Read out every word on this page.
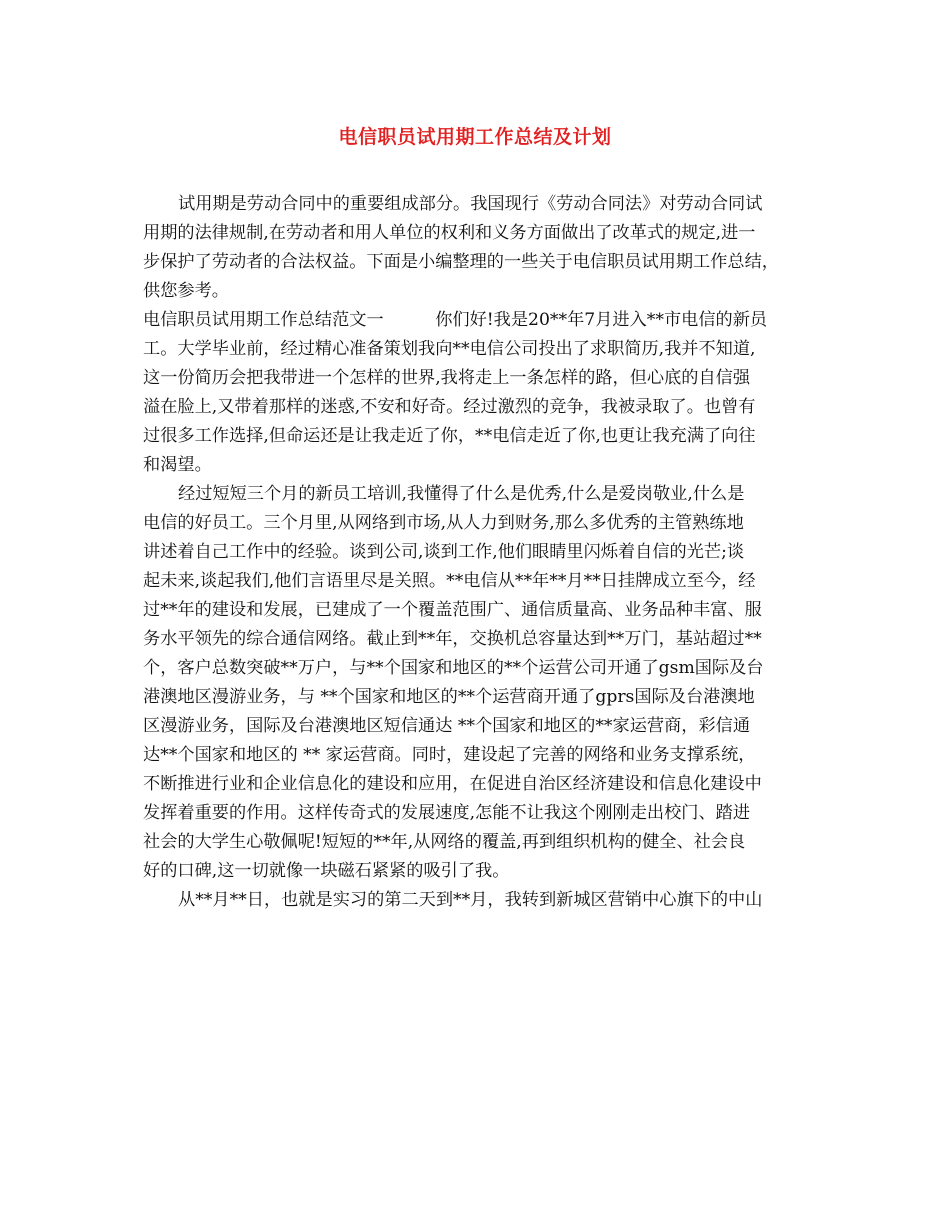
电信职员试用期工作总结及计划
试用期是劳动合同中的重要组成部分。我国现行《劳动合同法》对劳动合同试
用期的法律规制,在劳动者和用人单位的权利和义务方面做出了改革式的规定,进一
步保护了劳动者的合法权益。下面是小编整理的一些关于电信职员试用期工作总结，
供您参考。
电信职员试用期工作总结范文一　　　你们好!我是20**年7月进入**市电信的新员
工。大学毕业前，经过精心准备策划我向**电信公司投出了求职简历,我并不知道,
这一份简历会把我带进一个怎样的世界,我将走上一条怎样的路，但心底的自信强
溢在脸上,又带着那样的迷惑,不安和好奇。经过激烈的竞争，我被录取了。也曾有
过很多工作选择,但命运还是让我走近了你，**电信走近了你,也更让我充满了向往
和渴望。
经过短短三个月的新员工培训,我懂得了什么是优秀,什么是爱岗敬业,什么是
电信的好员工。三个月里,从网络到市场,从人力到财务,那么多优秀的主管熟练地
讲述着自己工作中的经验。谈到公司,谈到工作,他们眼睛里闪烁着自信的光芒;谈
起未来,谈起我们,他们言语里尽是关照。**电信从**年**月**日挂牌成立至今，经
过**年的建设和发展，已建成了一个覆盖范围广、通信质量高、业务品种丰富、服
务水平领先的综合通信网络。截止到**年，交换机总容量达到**万门，基站超过**
个，客户总数突破**万户，与**个国家和地区的**个运营公司开通了gsm国际及台
港澳地区漫游业务，与 **个国家和地区的**个运营商开通了gprs国际及台港澳地
区漫游业务，国际及台港澳地区短信通达 **个国家和地区的**家运营商，彩信通
达**个国家和地区的 ** 家运营商。同时，建设起了完善的网络和业务支撑系统，
不断推进行业和企业信息化的建设和应用，在促进自治区经济建设和信息化建设中
发挥着重要的作用。这样传奇式的发展速度,怎能不让我这个刚刚走出校门、踏进
社会的大学生心敬佩呢!短短的**年,从网络的覆盖,再到组织机构的健全、社会良
好的口碑,这一切就像一块磁石紧紧的吸引了我。
从**月**日，也就是实习的第二天到**月，我转到新城区营销中心旗下的中山
